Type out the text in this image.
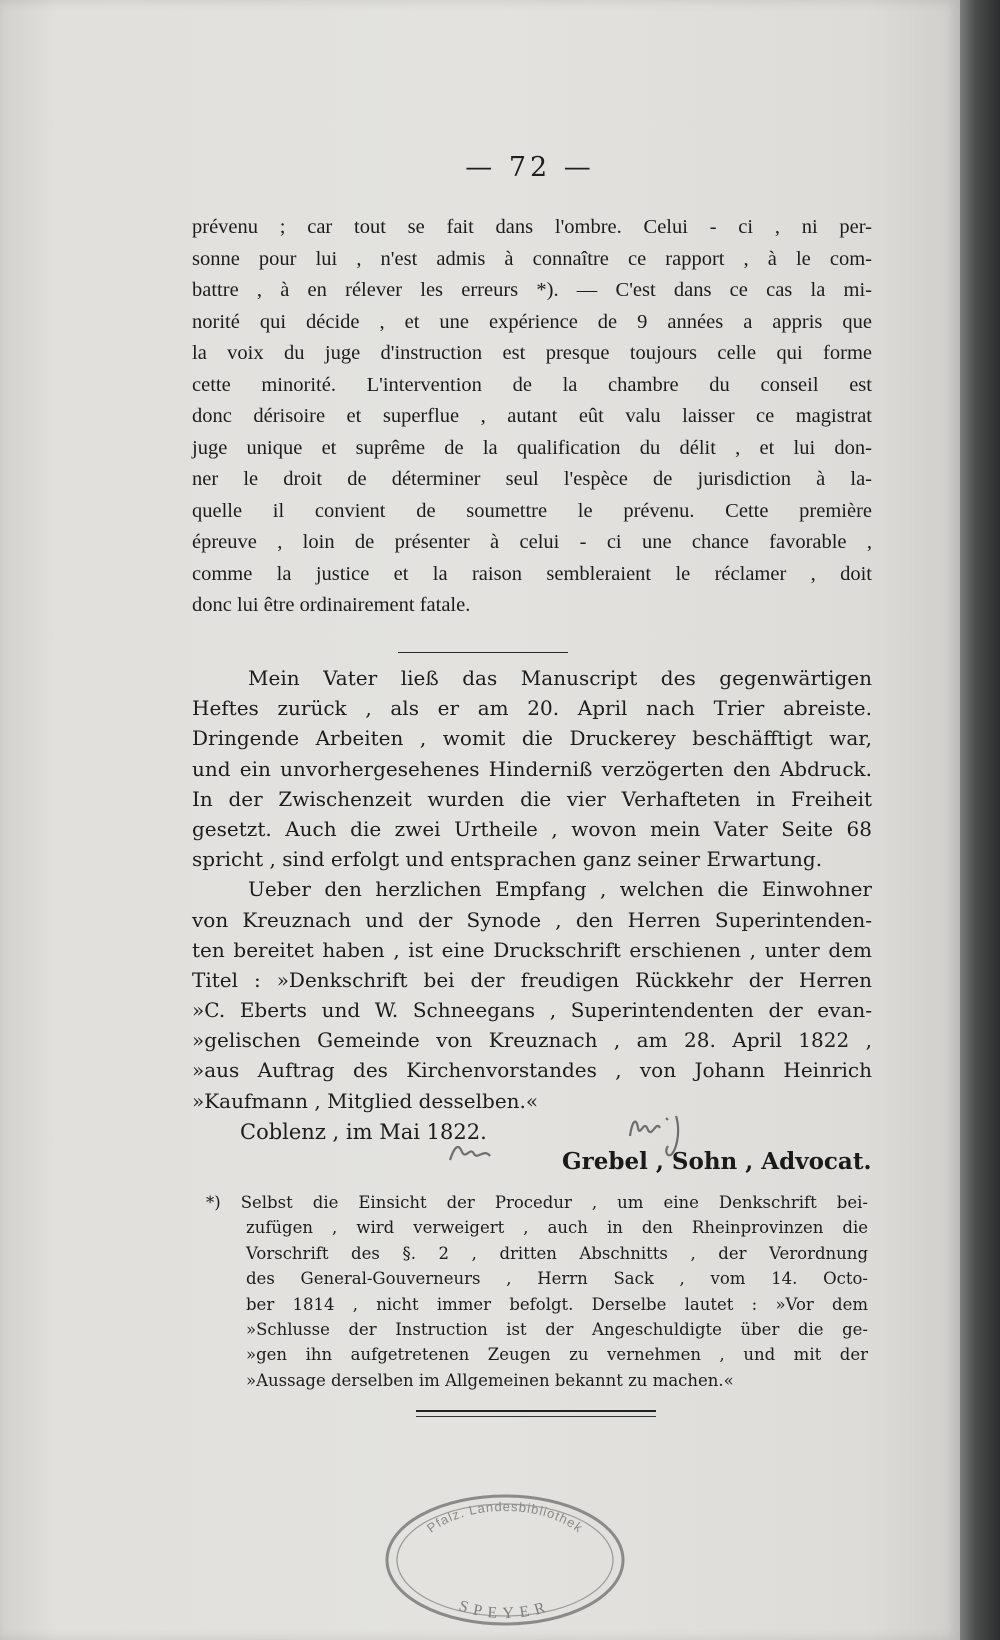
— 72 —
prévenu ; car tout se fait dans l'ombre. Celui - ci , ni per-
sonne pour lui , n'est admis à connaître ce rapport , à le com-
battre , à en rélever les erreurs *). — C'est dans ce cas la mi-
norité qui décide , et une expérience de 9 années a appris que
la voix du juge d'instruction est presque toujours celle qui forme
cette minorité. L'intervention de la chambre du conseil est
donc dérisoire et superflue , autant eût valu laisser ce magistrat
juge unique et suprême de la qualification du délit , et lui don-
ner le droit de déterminer seul l'espèce de jurisdiction à la-
quelle il convient de soumettre le prévenu. Cette première
épreuve , loin de présenter à celui - ci une chance favorable ,
comme la justice et la raison sembleraient le réclamer , doit
donc lui être ordinairement fatale.
Mein Vater ließ das Manuscript des gegenwärtigen
Heftes zurück , als er am 20. April nach Trier abreiste.
Dringende Arbeiten , womit die Druckerey beschäfftigt war,
und ein unvorhergesehenes Hinderniß verzögerten den Abdruck.
In der Zwischenzeit wurden die vier Verhafteten in Freiheit
gesetzt. Auch die zwei Urtheile , wovon mein Vater Seite 68
spricht , sind erfolgt und entsprachen ganz seiner Erwartung.
Ueber den herzlichen Empfang , welchen die Einwohner
von Kreuznach und der Synode , den Herren Superintenden-
ten bereitet haben , ist eine Druckschrift erschienen , unter dem
Titel : »Denkschrift bei der freudigen Rückkehr der Herren
»C. Eberts und W. Schneegans , Superintendenten der evan-
»gelischen Gemeinde von Kreuznach , am 28. April 1822 ,
»aus Auftrag des Kirchenvorstandes , von Johann Heinrich
»Kaufmann , Mitglied desselben.«
Coblenz , im Mai 1822.
Grebel , Sohn , Advocat.
*) Selbst die Einsicht der Procedur , um eine Denkschrift bei-
zufügen , wird verweigert , auch in den Rheinprovinzen die
Vorschrift des §. 2 , dritten Abschnitts , der Verordnung
des General-Gouverneurs , Herrn Sack , vom 14. Octo-
ber 1814 , nicht immer befolgt. Derselbe lautet : »Vor dem
»Schlusse der Instruction ist der Angeschuldigte über die ge-
»gen ihn aufgetretenen Zeugen zu vernehmen , und mit der
»Aussage derselben im Allgemeinen bekannt zu machen.«
Pfalz. Landesbibliothek
SPEYER
